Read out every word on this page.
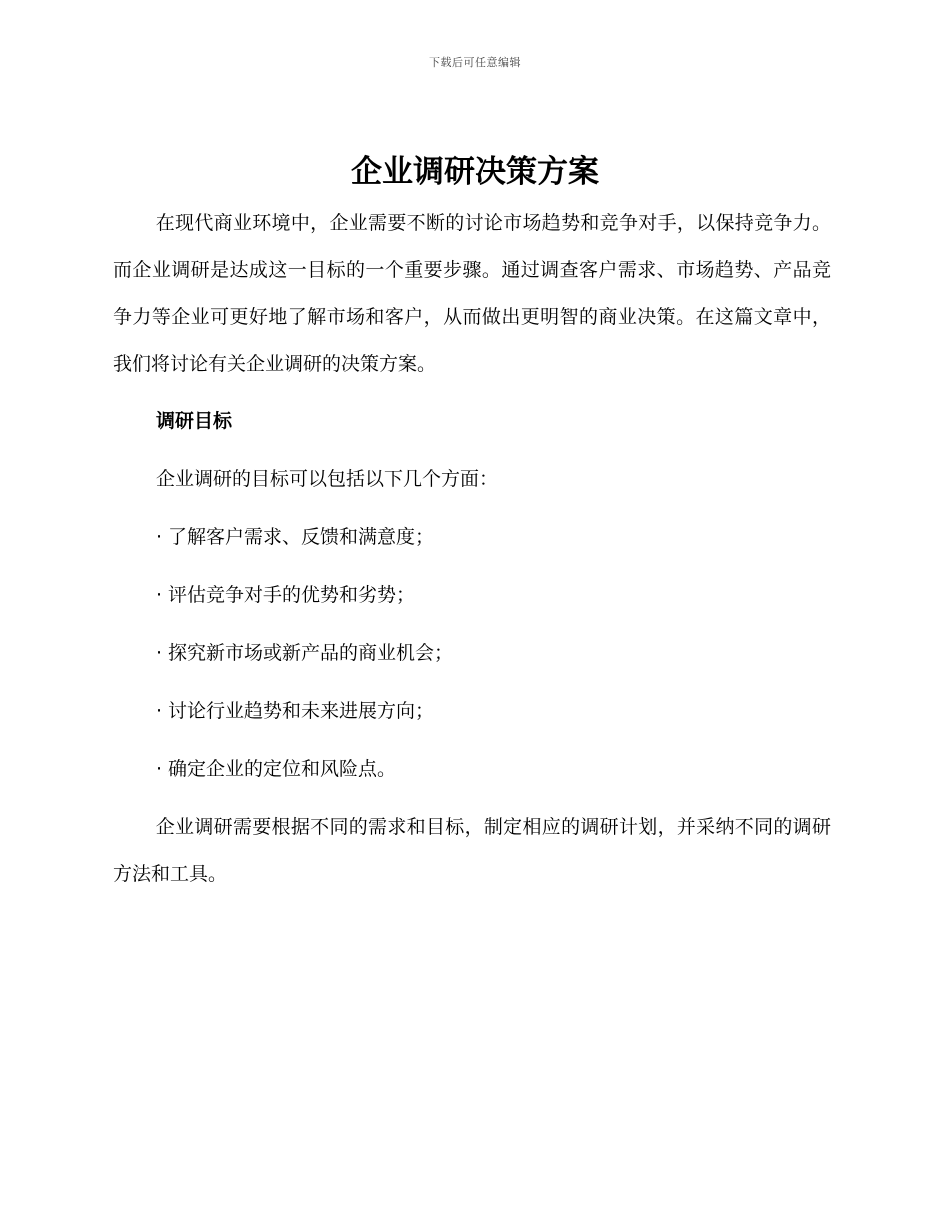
下载后可任意编辑
企业调研决策方案

在现代商业环境中，企业需要不断的讨论市场趋势和竞争对手，以保持竞争力。而企业调研是达成这一目标的一个重要步骤。通过调查客户需求、市场趋势、产品竞争力等企业可更好地了解市场和客户，从而做出更明智的商业决策。在这篇文章中，我们将讨论有关企业调研的决策方案。

调研目标
企业调研的目标可以包括以下几个方面：
· 了解客户需求、反馈和满意度；
· 评估竞争对手的优势和劣势；
· 探究新市场或新产品的商业机会；
· 讨论行业趋势和未来进展方向；
· 确定企业的定位和风险点。

企业调研需要根据不同的需求和目标，制定相应的调研计划，并采纳不同的调研方法和工具。
